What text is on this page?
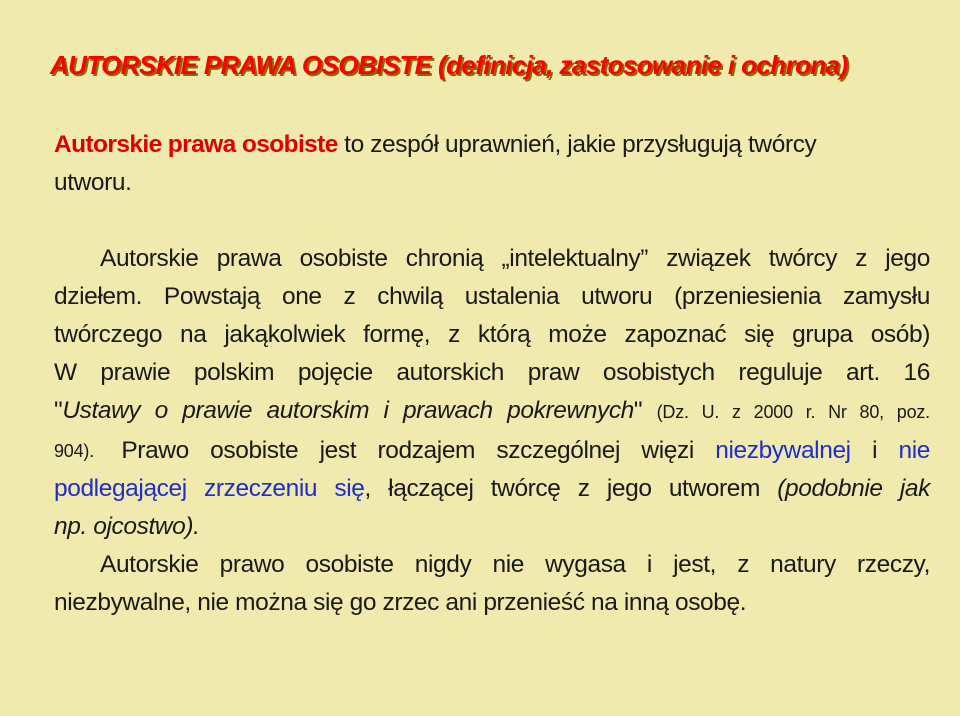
AUTORSKIE PRAWA OSOBISTE (definicja, zastosowanie i ochrona)
Autorskie prawa osobiste to zespół uprawnień, jakie przysługują twórcy
utworu.
Autorskie prawa osobiste chronią „intelektualny” związek twórcy z jego
dziełem. Powstają one z chwilą ustalenia utworu (przeniesienia zamysłu
twórczego na jakąkolwiek formę, z którą może zapoznać się grupa osób)
W prawie polskim pojęcie autorskich praw osobistych reguluje art. 16
"Ustawy o prawie autorskim i prawach pokrewnych" (Dz. U. z 2000 r. Nr 80, poz.
904). Prawo osobiste jest rodzajem szczególnej więzi niezbywalnej i nie
podlegającej zrzeczeniu się, łączącej twórcę z jego utworem (podobnie jak
np. ojcostwo).
Autorskie prawo osobiste nigdy nie wygasa i jest, z natury rzeczy,
niezbywalne, nie można się go zrzec ani przenieść na inną osobę.
